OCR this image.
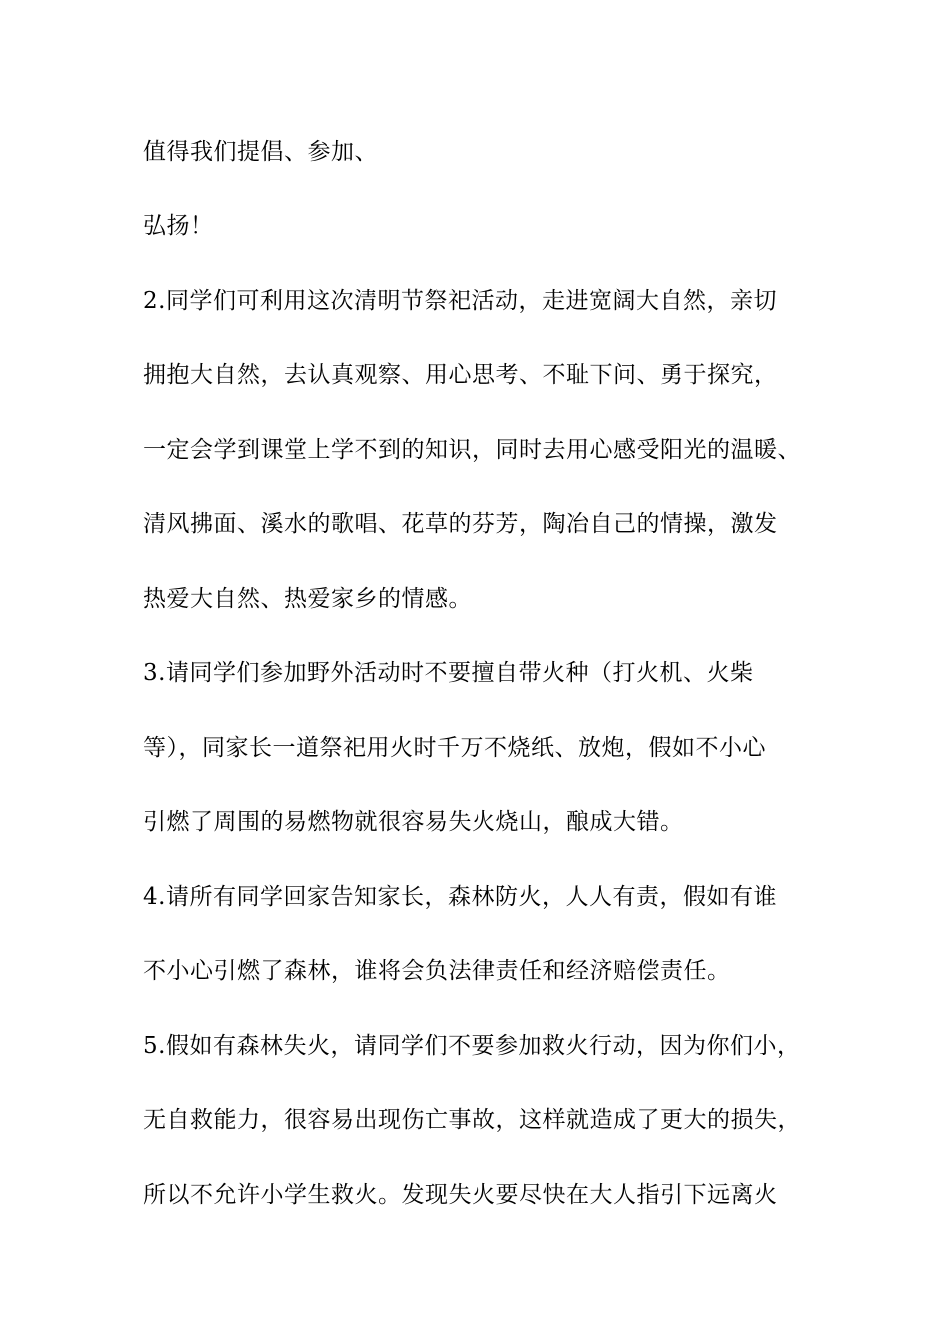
值得我们提倡、参加、

弘扬！

2.同学们可利用这次清明节祭祀活动，走进宽阔大自然，亲切

拥抱大自然，去认真观察、用心思考、不耻下问、勇于探究，

一定会学到课堂上学不到的知识，同时去用心感受阳光的温暖、

清风拂面、溪水的歌唱、花草的芬芳，陶冶自己的情操，激发

热爱大自然、热爱家乡的情感。

3.请同学们参加野外活动时不要擅自带火种（打火机、火柴

等），同家长一道祭祀用火时千万不烧纸、放炮，假如不小心

引燃了周围的易燃物就很容易失火烧山，酿成大错。

4.请所有同学回家告知家长，森林防火，人人有责，假如有谁

不小心引燃了森林，谁将会负法律责任和经济赔偿责任。

5.假如有森林失火，请同学们不要参加救火行动，因为你们小，

无自救能力，很容易出现伤亡事故，这样就造成了更大的损失，

所以不允许小学生救火。发现失火要尽快在大人指引下远离火
